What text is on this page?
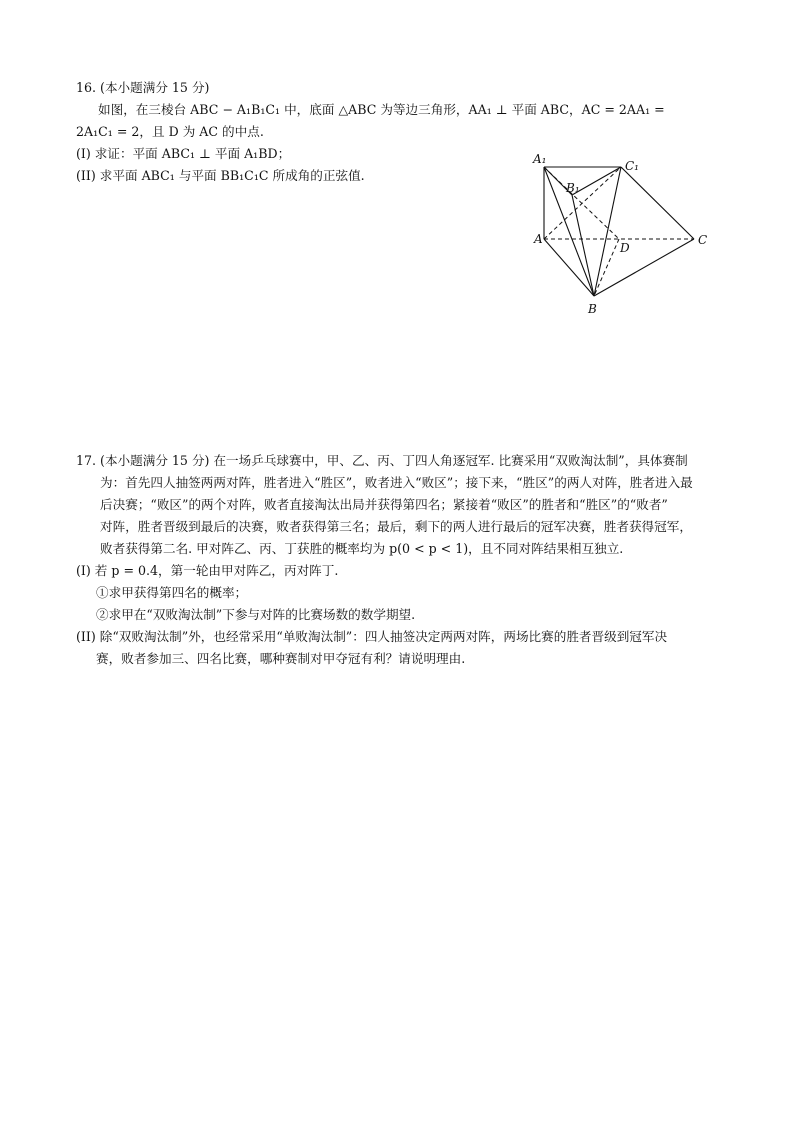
16. (本小题满分 15 分)
如图，在三棱台 ABC − A₁B₁C₁ 中，底面 △ABC 为等边三角形，AA₁ ⊥ 平面 ABC，AC = 2AA₁ =
2A₁C₁ = 2，且 D 为 AC 的中点.
(I) 求证：平面 ABC₁ ⊥ 平面 A₁BD；
(II) 求平面 ABC₁ 与平面 BB₁C₁C 所成角的正弦值.
A₁	C₁
B₁
A
D
C
B
17. (本小题满分 15 分) 在一场乒乓球赛中，甲、乙、丙、丁四人角逐冠军. 比赛采用“双败淘汰制”，具体赛制
为：首先四人抽签两两对阵，胜者进入“胜区”，败者进入“败区”；接下来，“胜区”的两人对阵，胜者进入最
后决赛；“败区”的两个对阵，败者直接淘汰出局并获得第四名；紧接着“败区”的胜者和“胜区”的“败者”
对阵，胜者晋级到最后的决赛，败者获得第三名；最后，剩下的两人进行最后的冠军决赛，胜者获得冠军，
败者获得第二名. 甲对阵乙、丙、丁获胜的概率均为 p(0 < p < 1)，且不同对阵结果相互独立.
(I) 若 p = 0.4，第一轮由甲对阵乙，丙对阵丁.
①求甲获得第四名的概率；
②求甲在“双败淘汰制”下参与对阵的比赛场数的数学期望.
(II) 除“双败淘汰制”外，也经常采用“单败淘汰制”：四人抽签决定两两对阵，两场比赛的胜者晋级到冠军决
赛，败者参加三、四名比赛，哪种赛制对甲夺冠有利？请说明理由.
